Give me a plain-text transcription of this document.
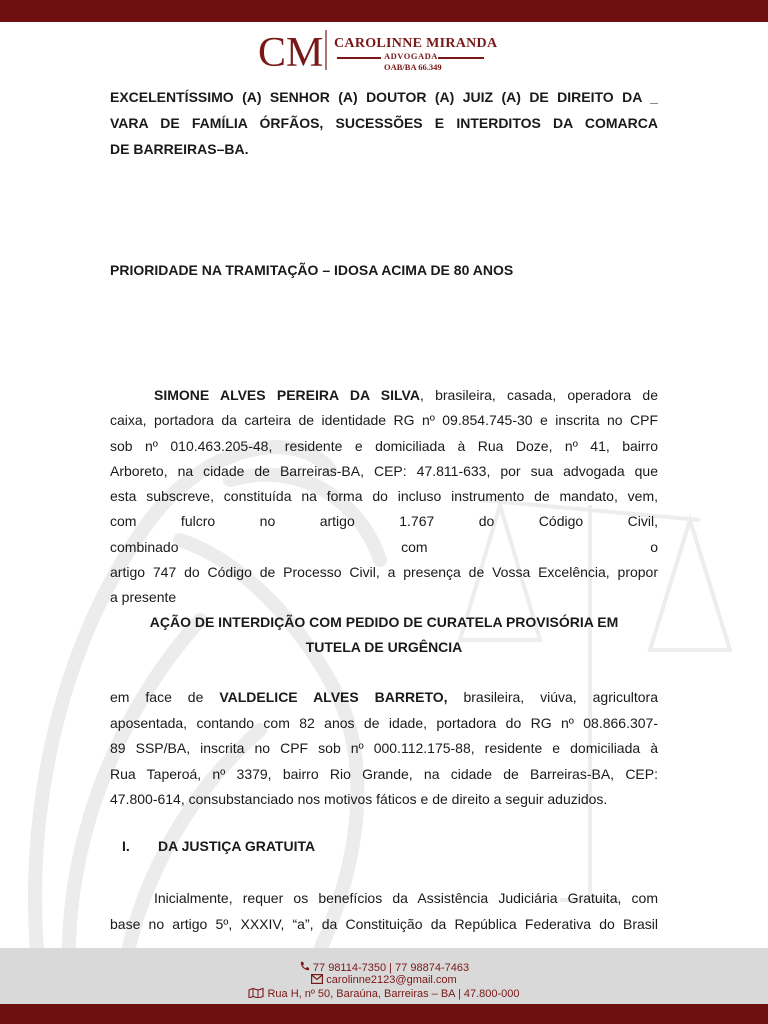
CM CAROLINNE MIRANDA
ADVOGADA
OAB/BA 66.349
EXCELENTÍSSIMO (A) SENHOR (A) DOUTOR (A) JUIZ (A) DE DIREITO DA _
VARA DE FAMÍLIA ÓRFÃOS, SUCESSÕES E INTERDITOS DA COMARCA
DE BARREIRAS–BA.
PRIORIDADE NA TRAMITAÇÃO – IDOSA ACIMA DE 80 ANOS
SIMONE ALVES PEREIRA DA SILVA, brasileira, casada, operadora de
caixa, portadora da carteira de identidade RG nº 09.854.745-30 e inscrita no CPF
sob nº 010.463.205-48, residente e domiciliada à Rua Doze, nº 41, bairro
Arboreto, na cidade de Barreiras-BA, CEP: 47.811-633, por sua advogada que
esta subscreve, constituída na forma do incluso instrumento de mandato, vem,
com fulcro no artigo 1.767 do Código Civil, combinado com o
artigo 747 do Código de Processo Civil, a presença de Vossa Excelência, propor
a presente
AÇÃO DE INTERDIÇÃO COM PEDIDO DE CURATELA PROVISÓRIA EM
TUTELA DE URGÊNCIA
em face de VALDELICE ALVES BARRETO, brasileira, viúva, agricultora
aposentada, contando com 82 anos de idade, portadora do RG nº 08.866.307-
89 SSP/BA, inscrita no CPF sob nº 000.112.175-88, residente e domiciliada à
Rua Taperoá, nº 3379, bairro Rio Grande, na cidade de Barreiras-BA, CEP:
47.800-614, consubstanciado nos motivos fáticos e de direito a seguir aduzidos.
I. DA JUSTIÇA GRATUITA
Inicialmente, requer os benefícios da Assistência Judiciária Gratuita, com
base no artigo 5º, XXXIV, “a”, da Constituição da República Federativa do Brasil
77 98114-7350 | 77 98874-7463
carolinne2123@gmail.com
Rua H, nº 50, Baraúna, Barreiras – BA | 47.800-000
